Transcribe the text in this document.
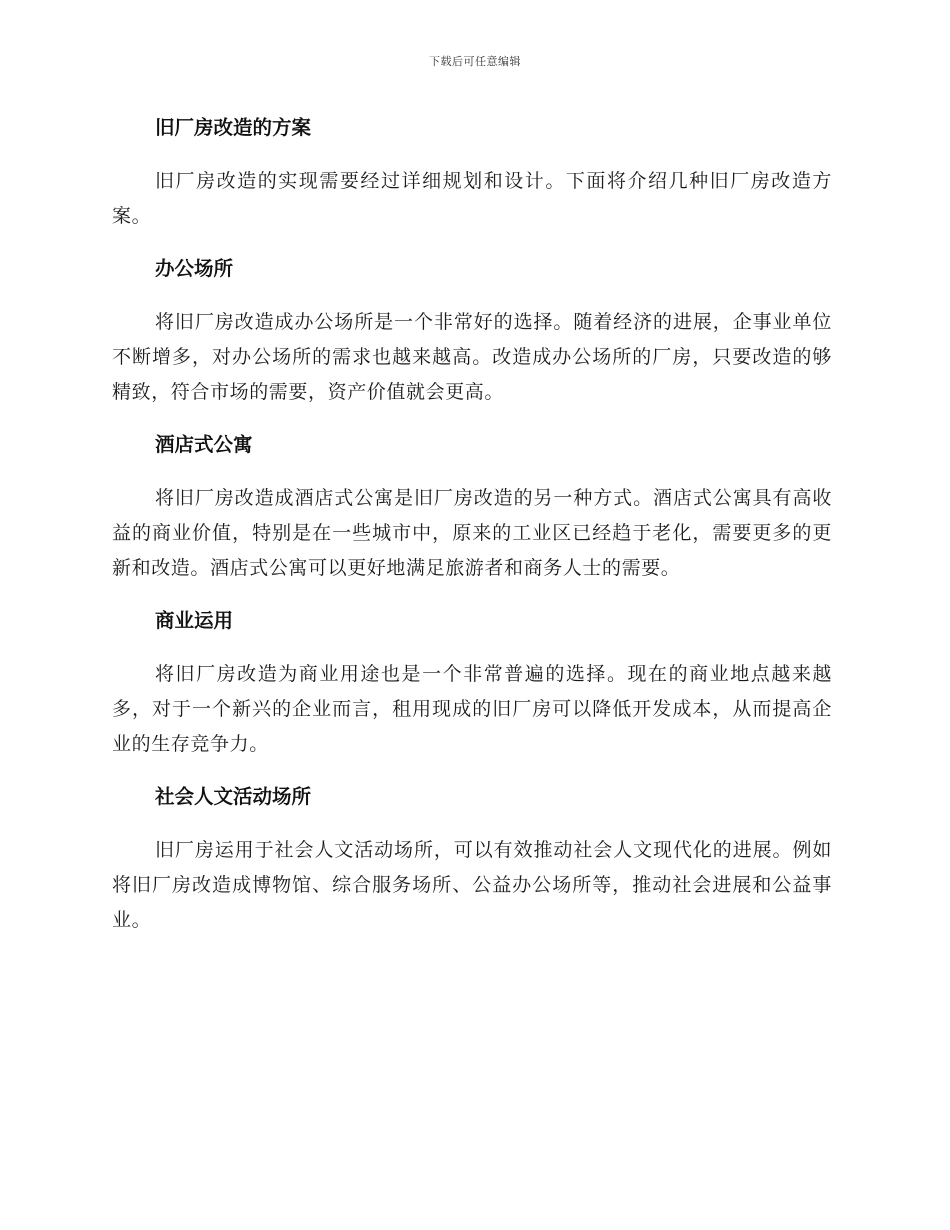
下载后可任意编辑
旧厂房改造的方案

旧厂房改造的实现需要经过详细规划和设计。下面将介绍几种旧厂房改造方案。

办公场所

将旧厂房改造成办公场所是一个非常好的选择。随着经济的进展，企事业单位不断增多，对办公场所的需求也越来越高。改造成办公场所的厂房，只要改造的够精致，符合市场的需要，资产价值就会更高。

酒店式公寓

将旧厂房改造成酒店式公寓是旧厂房改造的另一种方式。酒店式公寓具有高收益的商业价值，特别是在一些城市中，原来的工业区已经趋于老化，需要更多的更新和改造。酒店式公寓可以更好地满足旅游者和商务人士的需要。

商业运用

将旧厂房改造为商业用途也是一个非常普遍的选择。现在的商业地点越来越多，对于一个新兴的企业而言，租用现成的旧厂房可以降低开发成本，从而提高企业的生存竞争力。

社会人文活动场所

旧厂房运用于社会人文活动场所，可以有效推动社会人文现代化的进展。例如将旧厂房改造成博物馆、综合服务场所、公益办公场所等，推动社会进展和公益事业。
